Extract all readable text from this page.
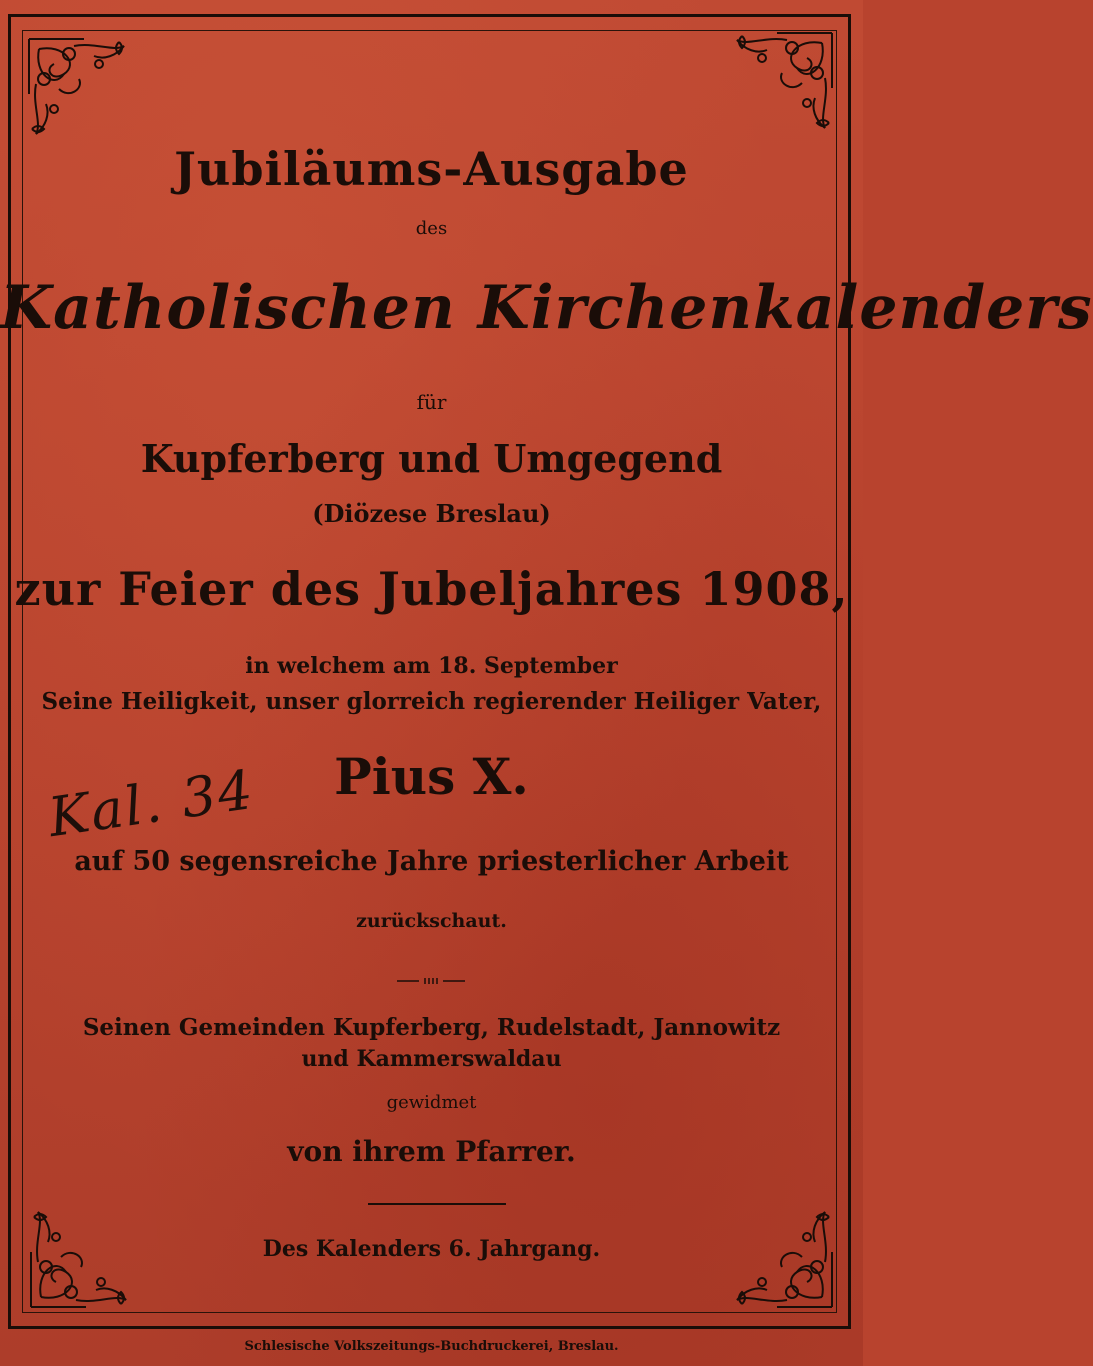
Jubiläums-Ausgabe
des
Katholischen Kirchenkalenders
für
Kupferberg und Umgegend
(Diözese Breslau)
zur Feier des Jubeljahres 1908,
in welchem am 18. September
Seine Heiligkeit, unser glorreich regierender Heiliger Vater,
Pius X.
Kal. 34
auf 50 segensreiche Jahre priesterlicher Arbeit
zurückschaut.
Seinen Gemeinden Kupferberg, Rudelstadt, Jannowitz
und Kammerswaldau
gewidmet
von ihrem Pfarrer.
Des Kalenders 6. Jahrgang.
Schlesische Volkszeitungs-Buchdruckerei, Breslau.
